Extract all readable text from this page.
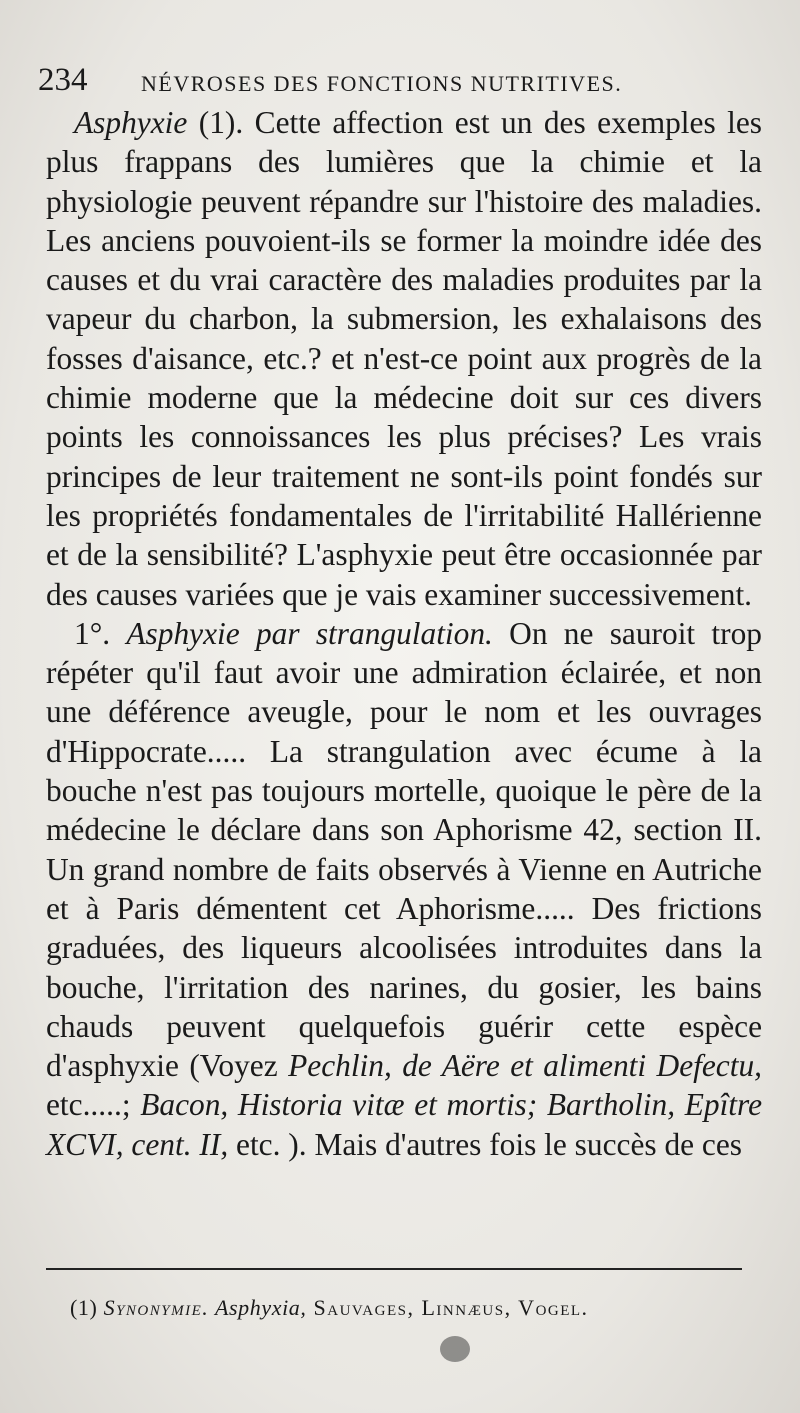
234 NÉVROSES DES FONCTIONS NUTRITIVES.

Asphyxie (1). Cette affection est un des exemples les plus frappans des lumières que la chimie et la physiologie peuvent répandre sur l'histoire des maladies. Les anciens pouvoient-ils se former la moindre idée des causes et du vrai caractère des maladies produites par la vapeur du charbon, la submersion, les exhalaisons des fosses d'aisance, etc.? et n'est-ce point aux progrès de la chimie moderne que la médecine doit sur ces divers points les connoissances les plus précises? Les vrais principes de leur traitement ne sont-ils point fondés sur les propriétés fondamentales de l'irritabilité Hallérienne et de la sensibilité? L'asphyxie peut être occasionnée par des causes variées que je vais examiner successivement.

1°. Asphyxie par strangulation. On ne sauroit trop répéter qu'il faut avoir une admiration éclairée, et non une déférence aveugle, pour le nom et les ouvrages d'Hippocrate..... La strangulation avec écume à la bouche n'est pas toujours mortelle, quoique le père de la médecine le déclare dans son Aphorisme 42, section II. Un grand nombre de faits observés à Vienne en Autriche et à Paris démentent cet Aphorisme..... Des frictions graduées, des liqueurs alcoolisées introduites dans la bouche, l'irritation des narines, du gosier, les bains chauds peuvent quelquefois guérir cette espèce d'asphyxie (Voyez Pechlin, de Aëre et alimenti Defectu, etc.....; Bacon, Historia vitæ et mortis; Bartholin, Epître XCVI, cent. II, etc. ). Mais d'autres fois le succès de ces

(1) Synonymie. Asphyxia, Sauvages, Linnæus, Vogel.
